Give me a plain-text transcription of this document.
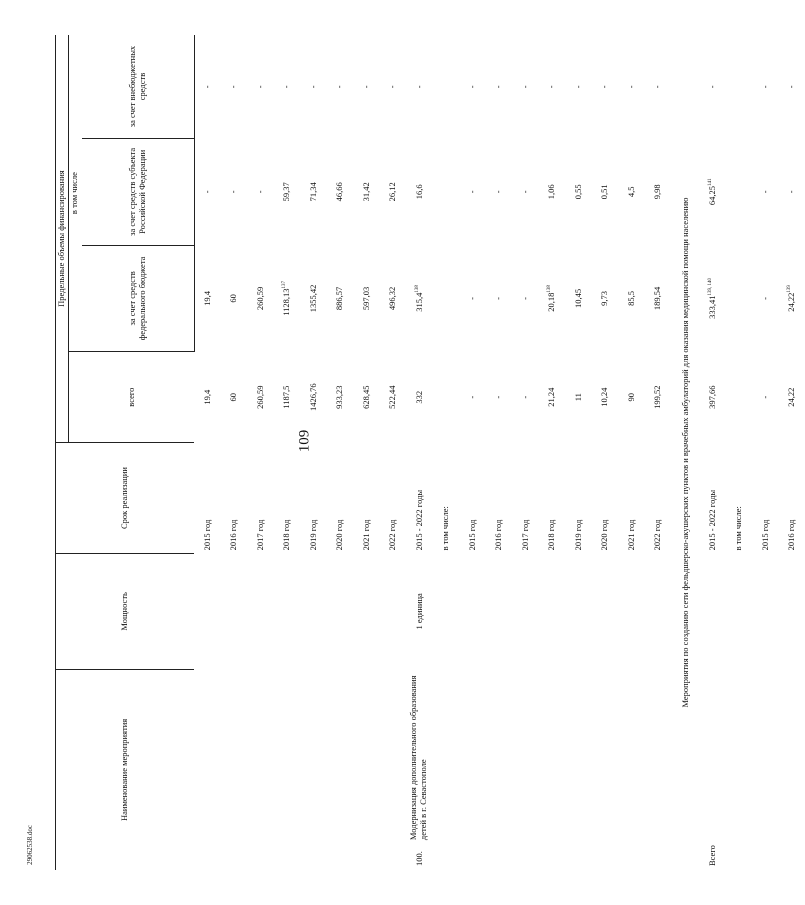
109
Наименование мероприятия		Мощность	Срок реализации	Предельные объемы финансирования			
				всего	в том числе		
					за счет средств федерального бюджета	за счет средств субъекта Российской Федерации	за счет внебюджетных средств
			2015 год	19,4	19,4	-	-
			2016 год	60	60	-	-
			2017 год	260,59	260,59	-	-
			2018 год	1187,5	1128,13$^{137}$	59,37	-
			2019 год	1426,76	1355,42	71,34	-
			2020 год	933,23	886,57	46,66	-
			2021 год	628,45	597,03	31,42	-
			2022 год	522,44	496,32	26,12	-
100.	Модернизация дополнительного образования детей в г. Севастополе	1 единица	2015 - 2022 годы	332	315,4$^{138}$	16,6	-
			в том числе:				
			2015 год	-	-	-	-
			2016 год	-	-	-	-
			2017 год	-	-	-	-
			2018 год	21,24	20,18$^{138}$	1,06	-
			2019 год	11	10,45	0,55	-
			2020 год	10,24	9,73	0,51	-
			2021 год	90	85,5	4,5	-
			2022 год	199,52	189,54	9,98	-
Мероприятия по созданию сети фельдшерско-акушерских пунктов и врачебных амбулаторий для оказания медицинской помощи населению							
Всего			2015 - 2022 годы	397,66	333,41$^{139, 140}$	64,25$^{141}$	-
			в том числе:				
			2015 год	-	-	-	-
			2016 год	24,22	24,22$^{139}$	-	-
29062538.doc
